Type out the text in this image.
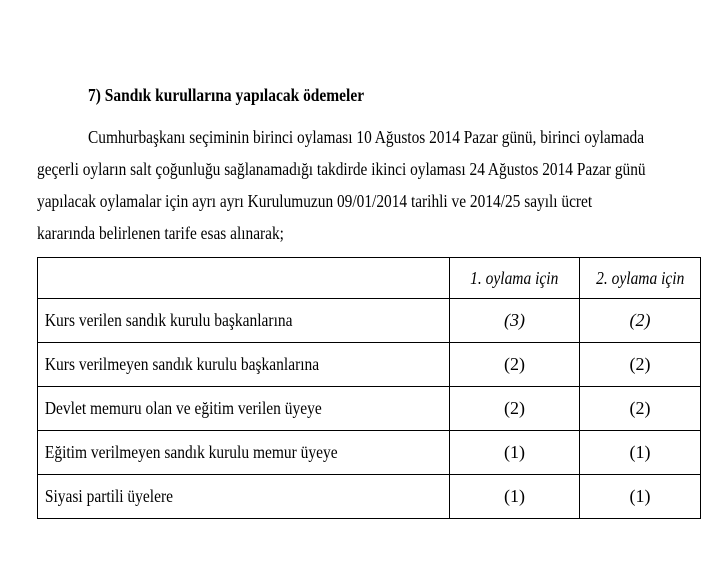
7) Sandık kurullarına yapılacak ödemeler
Cumhurbaşkanı seçiminin birinci oylaması 10 Ağustos 2014 Pazar günü, birinci oylamada
geçerli oyların salt çoğunluğu sağlanamadığı takdirde ikinci oylaması 24 Ağustos 2014 Pazar günü
yapılacak oylamalar için ayrı ayrı Kurulumuzun 09/01/2014 tarihli ve 2014/25 sayılı ücret
kararında belirlenen tarife esas alınarak;
	1. oylama için	2. oylama için
Kurs verilen sandık kurulu başkanlarına	(3)	(2)
Kurs verilmeyen sandık kurulu başkanlarına	(2)	(2)
Devlet memuru olan ve eğitim verilen üyeye	(2)	(2)
Eğitim verilmeyen sandık kurulu memur üyeye	(1)	(1)
Siyasi partili üyelere	(1)	(1)
